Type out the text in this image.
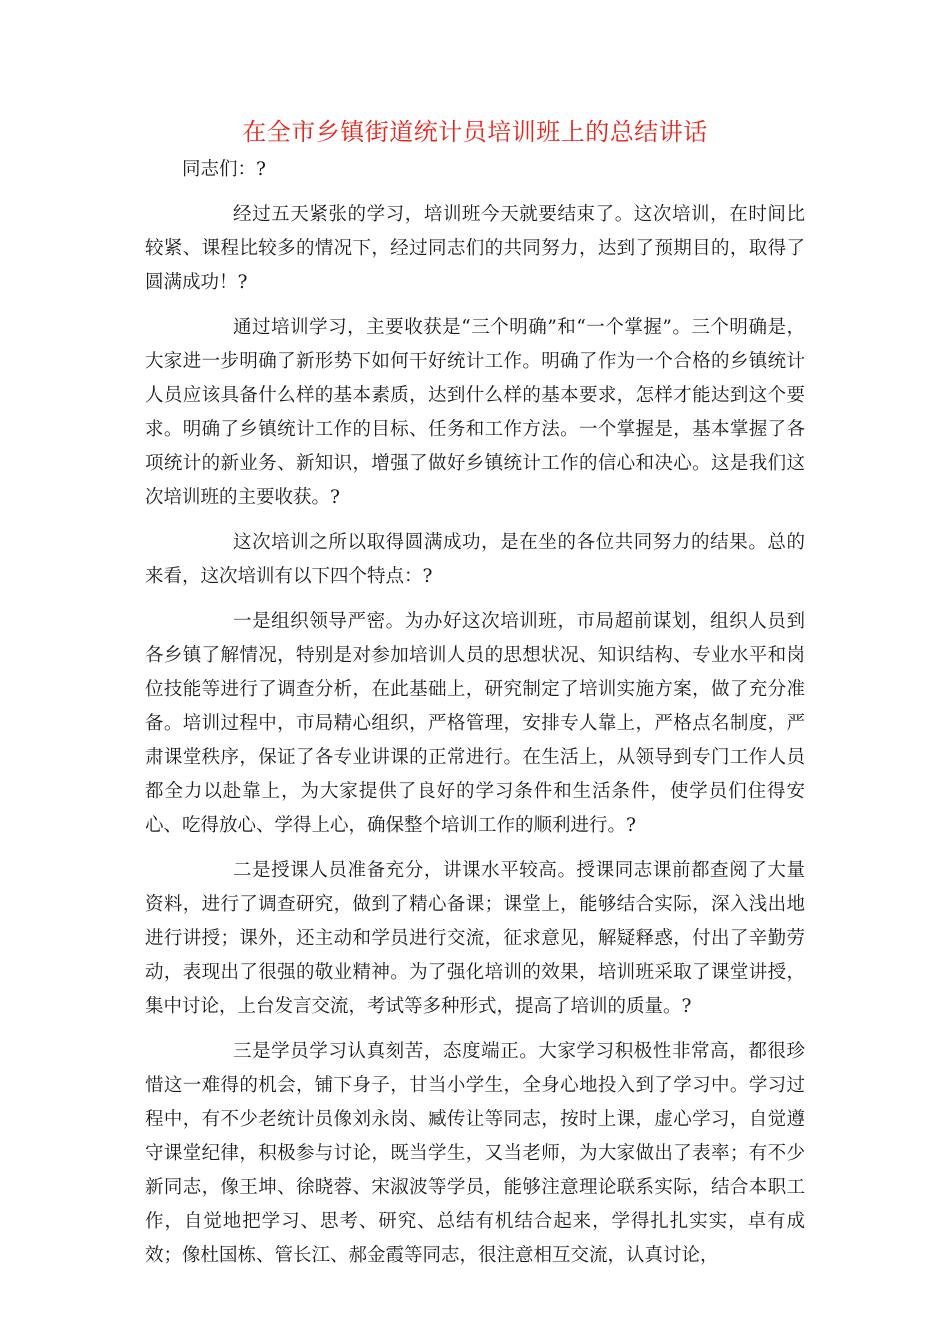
在全市乡镇街道统计员培训班上的总结讲话

同志们：?

经过五天紧张的学习，培训班今天就要结束了。这次培训，在时间比较紧、课程比较多的情况下，经过同志们的共同努力，达到了预期目的，取得了圆满成功！?

通过培训学习，主要收获是“三个明确”和“一个掌握”。三个明确是，大家进一步明确了新形势下如何干好统计工作。明确了作为一个合格的乡镇统计人员应该具备什么样的基本素质，达到什么样的基本要求，怎样才能达到这个要求。明确了乡镇统计工作的目标、任务和工作方法。一个掌握是，基本掌握了各项统计的新业务、新知识，增强了做好乡镇统计工作的信心和决心。这是我们这次培训班的主要收获。?

这次培训之所以取得圆满成功，是在坐的各位共同努力的结果。总的来看，这次培训有以下四个特点：?

一是组织领导严密。为办好这次培训班，市局超前谋划，组织人员到各乡镇了解情况，特别是对参加培训人员的思想状况、知识结构、专业水平和岗位技能等进行了调查分析，在此基础上，研究制定了培训实施方案，做了充分准备。培训过程中，市局精心组织，严格管理，安排专人靠上，严格点名制度，严肃课堂秩序，保证了各专业讲课的正常进行。在生活上，从领导到专门工作人员都全力以赴靠上，为大家提供了良好的学习条件和生活条件，使学员们住得安心、吃得放心、学得上心，确保整个培训工作的顺利进行。?

二是授课人员准备充分，讲课水平较高。授课同志课前都查阅了大量资料，进行了调查研究，做到了精心备课；课堂上，能够结合实际，深入浅出地进行讲授；课外，还主动和学员进行交流，征求意见，解疑释惑，付出了辛勤劳动，表现出了很强的敬业精神。为了强化培训的效果，培训班采取了课堂讲授，集中讨论，上台发言交流，考试等多种形式，提高了培训的质量。?

三是学员学习认真刻苦，态度端正。大家学习积极性非常高，都很珍惜这一难得的机会，铺下身子，甘当小学生，全身心地投入到了学习中。学习过程中，有不少老统计员像刘永岗、臧传让等同志，按时上课，虚心学习，自觉遵守课堂纪律，积极参与讨论，既当学生，又当老师，为大家做出了表率；有不少新同志，像王坤、徐晓蓉、宋淑波等学员，能够注意理论联系实际，结合本职工作，自觉地把学习、思考、研究、总结有机结合起来，学得扎扎实实，卓有成效；像杜国栋、管长江、郝金霞等同志，很注意相互交流，认真讨论，
